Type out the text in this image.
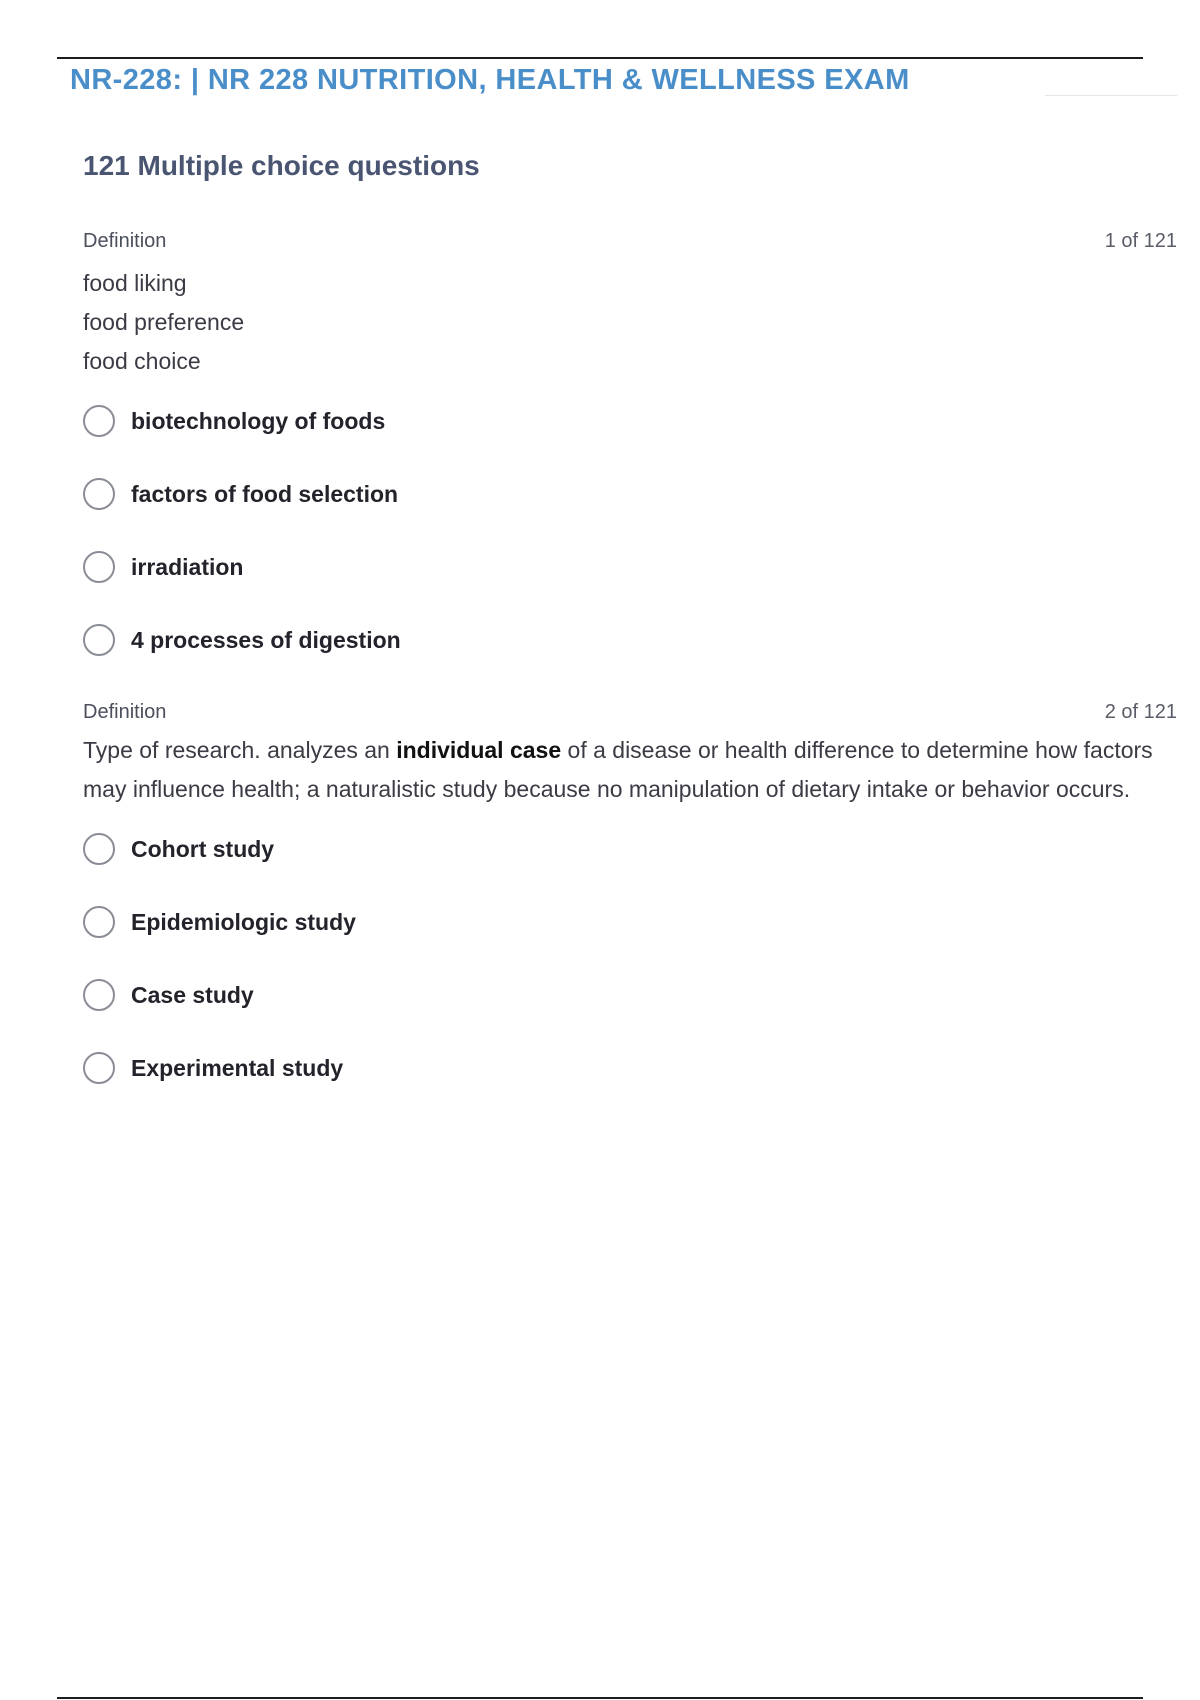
NR-228: | NR 228 NUTRITION, HEALTH & WELLNESS EXAM
121 Multiple choice questions
Definition	1 of 121
food liking
food preference
food choice
biotechnology of foods
factors of food selection
irradiation
4 processes of digestion
Definition	2 of 121
Type of research. analyzes an individual case of a disease or health difference to determine how factors may influence health; a naturalistic study because no manipulation of dietary intake or behavior occurs.
Cohort study
Epidemiologic study
Case study
Experimental study
